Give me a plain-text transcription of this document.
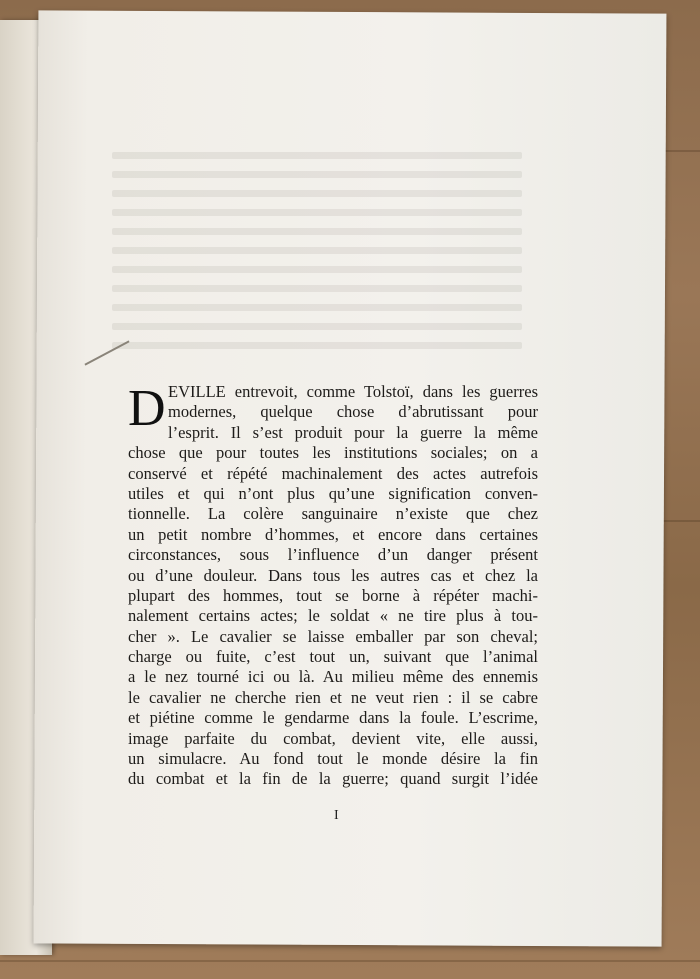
D EVILLE entrevoit, comme Tolstoï, dans les guerres
modernes, quelque chose d’abrutissant pour
l’esprit. Il s’est produit pour la guerre la même
chose que pour toutes les institutions sociales; on a
conservé et répété machinalement des actes autrefois
utiles et qui n’ont plus qu’une signification conven-
tionnelle. La colère sanguinaire n’existe que chez
un petit nombre d’hommes, et encore dans certaines
circonstances, sous l’influence d’un danger présent
ou d’une douleur. Dans tous les autres cas et chez la
plupart des hommes, tout se borne à répéter machi-
nalement certains actes; le soldat « ne tire plus à tou-
cher ». Le cavalier se laisse emballer par son cheval;
charge ou fuite, c’est tout un, suivant que l’animal
a le nez tourné ici ou là. Au milieu même des ennemis
le cavalier ne cherche rien et ne veut rien : il se cabre
et piétine comme le gendarme dans la foule. L’escrime,
image parfaite du combat, devient vite, elle aussi,
un simulacre. Au fond tout le monde désire la fin
du combat et la fin de la guerre; quand surgit l’idée
I
